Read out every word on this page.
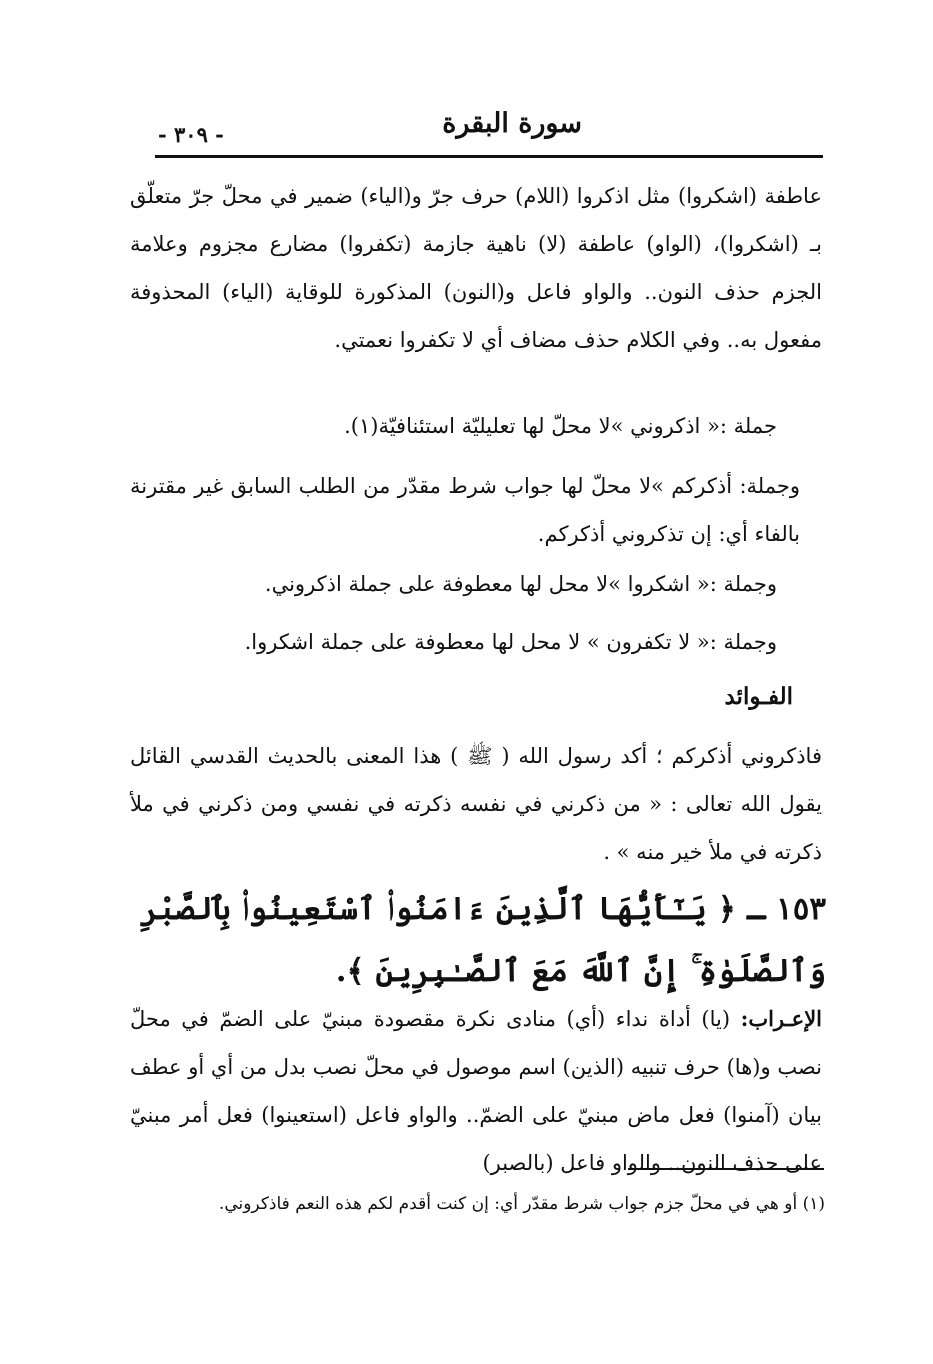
سورة البقرة
- ٣٠٩ -

عاطفة (اشكروا) مثل اذكروا (اللام) حرف جرّ و(الياء) ضمير في محلّ جرّ متعلّق بـ (اشكروا)، (الواو) عاطفة (لا) ناهية جازمة (تكفروا) مضارع مجزوم وعلامة الجزم حذف النون.. والواو فاعل و(النون) المذكورة للوقاية (الياء) المحذوفة مفعول به.. وفي الكلام حذف مضاف أي لا تكفروا نعمتي.

جملة :« اذكروني »لا محلّ لها تعليليّة استئنافيّة(١).

وجملة: أذكركم »لا محلّ لها جواب شرط مقدّر من الطلب السابق غير مقترنة بالفاء أي: إن تذكروني أذكركم.

وجملة :« اشكروا »لا محل لها معطوفة على جملة اذكروني.
وجملة :« لا تكفرون » لا محل لها معطوفة على جملة اشكروا.
الفـوائد

فاذكروني أذكركم ؛ أكد رسول الله ( ﷺ ) هذا المعنى بالحديث القدسي القائل يقول الله تعالى : « من ذكرني في نفسه ذكرته في نفسي ومن ذكرني في ملأ ذكرته في ملأ خير منه » .

١٥٣ ـ ﴿ يَـٰٓأَيُّهَا ٱلَّذِينَ ءَامَنُوا۟ ٱسْتَعِينُوا۟ بِٱلصَّبْرِ وَٱلصَّلَوٰةِ ۚ إِنَّ ٱللَّهَ مَعَ ٱلصَّـٰبِرِينَ ﴾.

الإعـراب: (يا) أداة نداء (أي) منادى نكرة مقصودة مبنيّ على الضمّ في محلّ نصب و(ها) حرف تنبيه (الذين) اسم موصول في محلّ نصب بدل من أي أو عطف بيان (آمنوا) فعل ماض مبنيّ على الضمّ.. والواو فاعل (استعينوا) فعل أمر مبنيّ على حذف النون.. والواو فاعل (بالصبر)

(١) أو هي في محلّ جزم جواب شرط مقدّر أي: إن كنت أقدم لكم هذه النعم فاذكروني.
